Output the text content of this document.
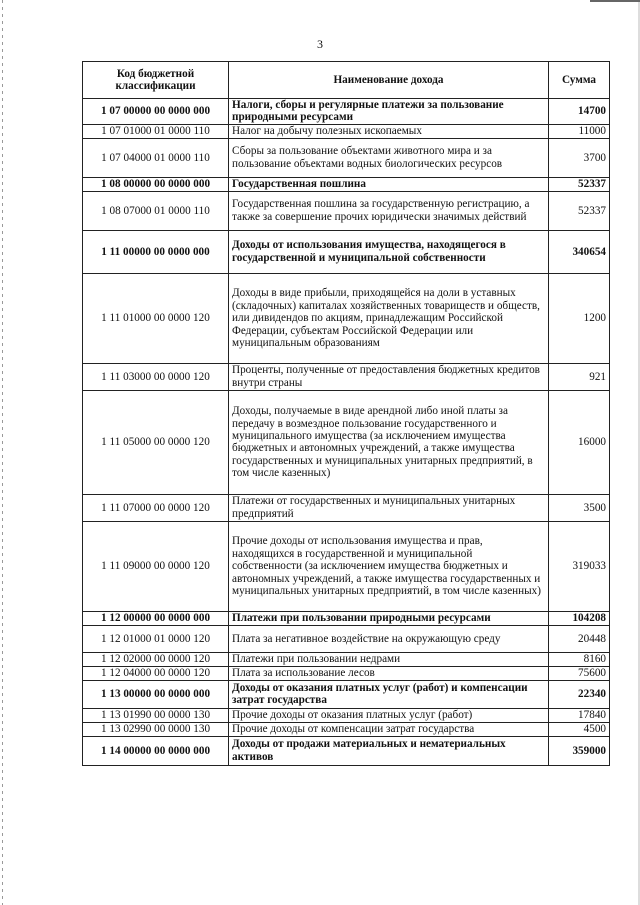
3
Код бюджетной классификации	Наименование дохода	Сумма
1 07 00000 00 0000 000	Налоги, сборы и регулярные платежи за пользование природными ресурсами	14700
1 07 01000 01 0000 110	Налог на добычу полезных ископаемых	11000
1 07 04000 01 0000 110	Сборы за пользование объектами животного мира и за пользование объектами водных биологических ресурсов	3700
1 08 00000 00 0000 000	Государственная пошлина	52337
1 08 07000 01 0000 110	Государственная пошлина за государственную регистрацию, а также за совершение прочих юридически значимых действий	52337
1 11 00000 00 0000 000	Доходы от использования имущества, находящегося в государственной и муниципальной собственности	340654
1 11 01000 00 0000 120	Доходы в виде прибыли, приходящейся на доли в уставных (складочных) капиталах хозяйственных товариществ и обществ, или дивидендов по акциям, принадлежащим Российской Федерации, субъектам Российской Федерации или муниципальным образованиям	1200
1 11 03000 00 0000 120	Проценты, полученные от предоставления бюджетных кредитов внутри страны	921
1 11 05000 00 0000 120	Доходы, получаемые в виде арендной либо иной платы за передачу в возмездное пользование государственного и муниципального имущества (за исключением имущества бюджетных и автономных учреждений, а также имущества государственных и муниципальных унитарных предприятий, в том числе казенных)	16000
1 11 07000 00 0000 120	Платежи от государственных и муниципальных унитарных предприятий	3500
1 11 09000 00 0000 120	Прочие доходы от использования имущества и прав, находящихся в государственной и муниципальной собственности (за исключением имущества бюджетных и автономных учреждений, а также имущества государственных и муниципальных унитарных предприятий, в том числе казенных)	319033
1 12 00000 00 0000 000	Платежи при пользовании природными ресурсами	104208
1 12 01000 01 0000 120	Плата за негативное воздействие на окружающую среду	20448
1 12 02000 00 0000 120	Платежи при пользовании недрами	8160
1 12 04000 00 0000 120	Плата за использование лесов	75600
1 13 00000 00 0000 000	Доходы от оказания платных услуг (работ) и компенсации затрат государства	22340
1 13 01990 00 0000 130	Прочие доходы от оказания платных услуг (работ)	17840
1 13 02990 00 0000 130	Прочие доходы от компенсации затрат государства	4500
1 14 00000 00 0000 000	Доходы от продажи материальных и нематериальных активов	359000
